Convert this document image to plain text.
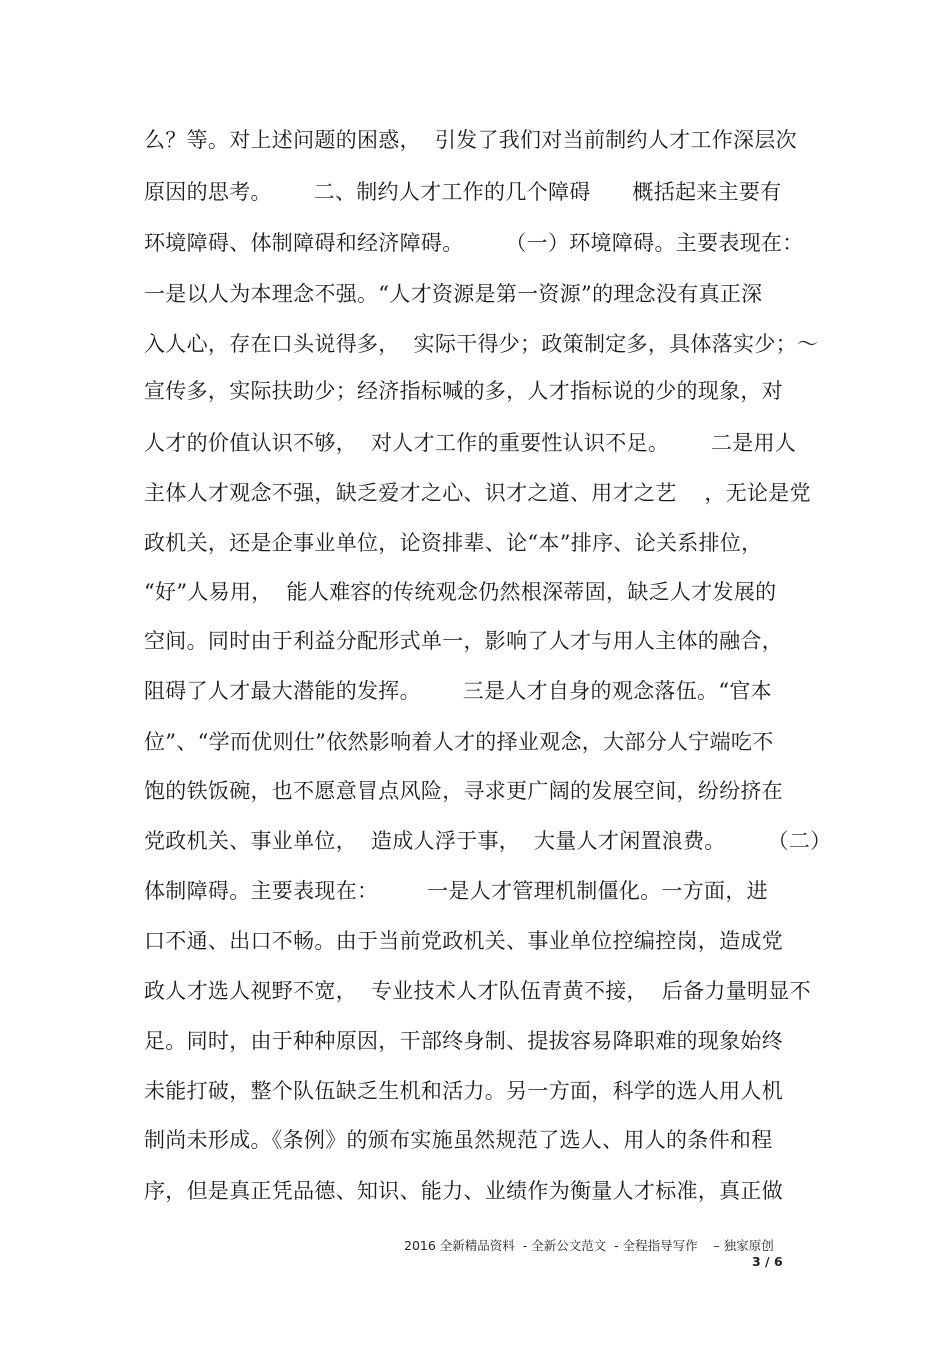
么？等。对上述问题的困惑，  引发了我们对当前制约人才工作深层次
原因的思考。      二、制约人才工作的几个障碍      概括起来主要有
环境障碍、体制障碍和经济障碍。      （一）环境障碍。主要表现在：
一是以人为本理念不强。“人才资源是第一资源”的理念没有真正深
入人心，存在口头说得多，  实际干得少；政策制定多，具体落实少；～
宣传多，实际扶助少；经济指标喊的多，人才指标说的少的现象，对
人才的价值认识不够，  对人才工作的重要性认识不足。      二是用人
主体人才观念不强，缺乏爱才之心、识才之道、用才之艺    ，无论是党
政机关，还是企事业单位，论资排辈、论“本”排序、论关系排位，
“好”人易用，  能人难容的传统观念仍然根深蒂固，缺乏人才发展的
空间。同时由于利益分配形式单一，影响了人才与用人主体的融合，
阻碍了人才最大潜能的发挥。      三是人才自身的观念落伍。“官本
位”、“学而优则仕”依然影响着人才的择业观念，大部分人宁端吃不
饱的铁饭碗，也不愿意冒点风险，寻求更广阔的发展空间，纷纷挤在
党政机关、事业单位，  造成人浮于事，  大量人才闲置浪费。      （二）
体制障碍。主要表现在：       一是人才管理机制僵化。一方面，进
口不通、出口不畅。由于当前党政机关、事业单位控编控岗，造成党
政人才选人视野不宽，  专业技术人才队伍青黄不接，  后备力量明显不
足。同时，由于种种原因，干部终身制、提拔容易降职难的现象始终
未能打破，整个队伍缺乏生机和活力。另一方面，科学的选人用人机
制尚未形成。《条例》的颁布实施虽然规范了选人、用人的条件和程
序，但是真正凭品德、知识、能力、业绩作为衡量人才标准，真正做
2016 全新精品资料  - 全新公文范文  - 全程指导写作    – 独家原创
3 / 6
